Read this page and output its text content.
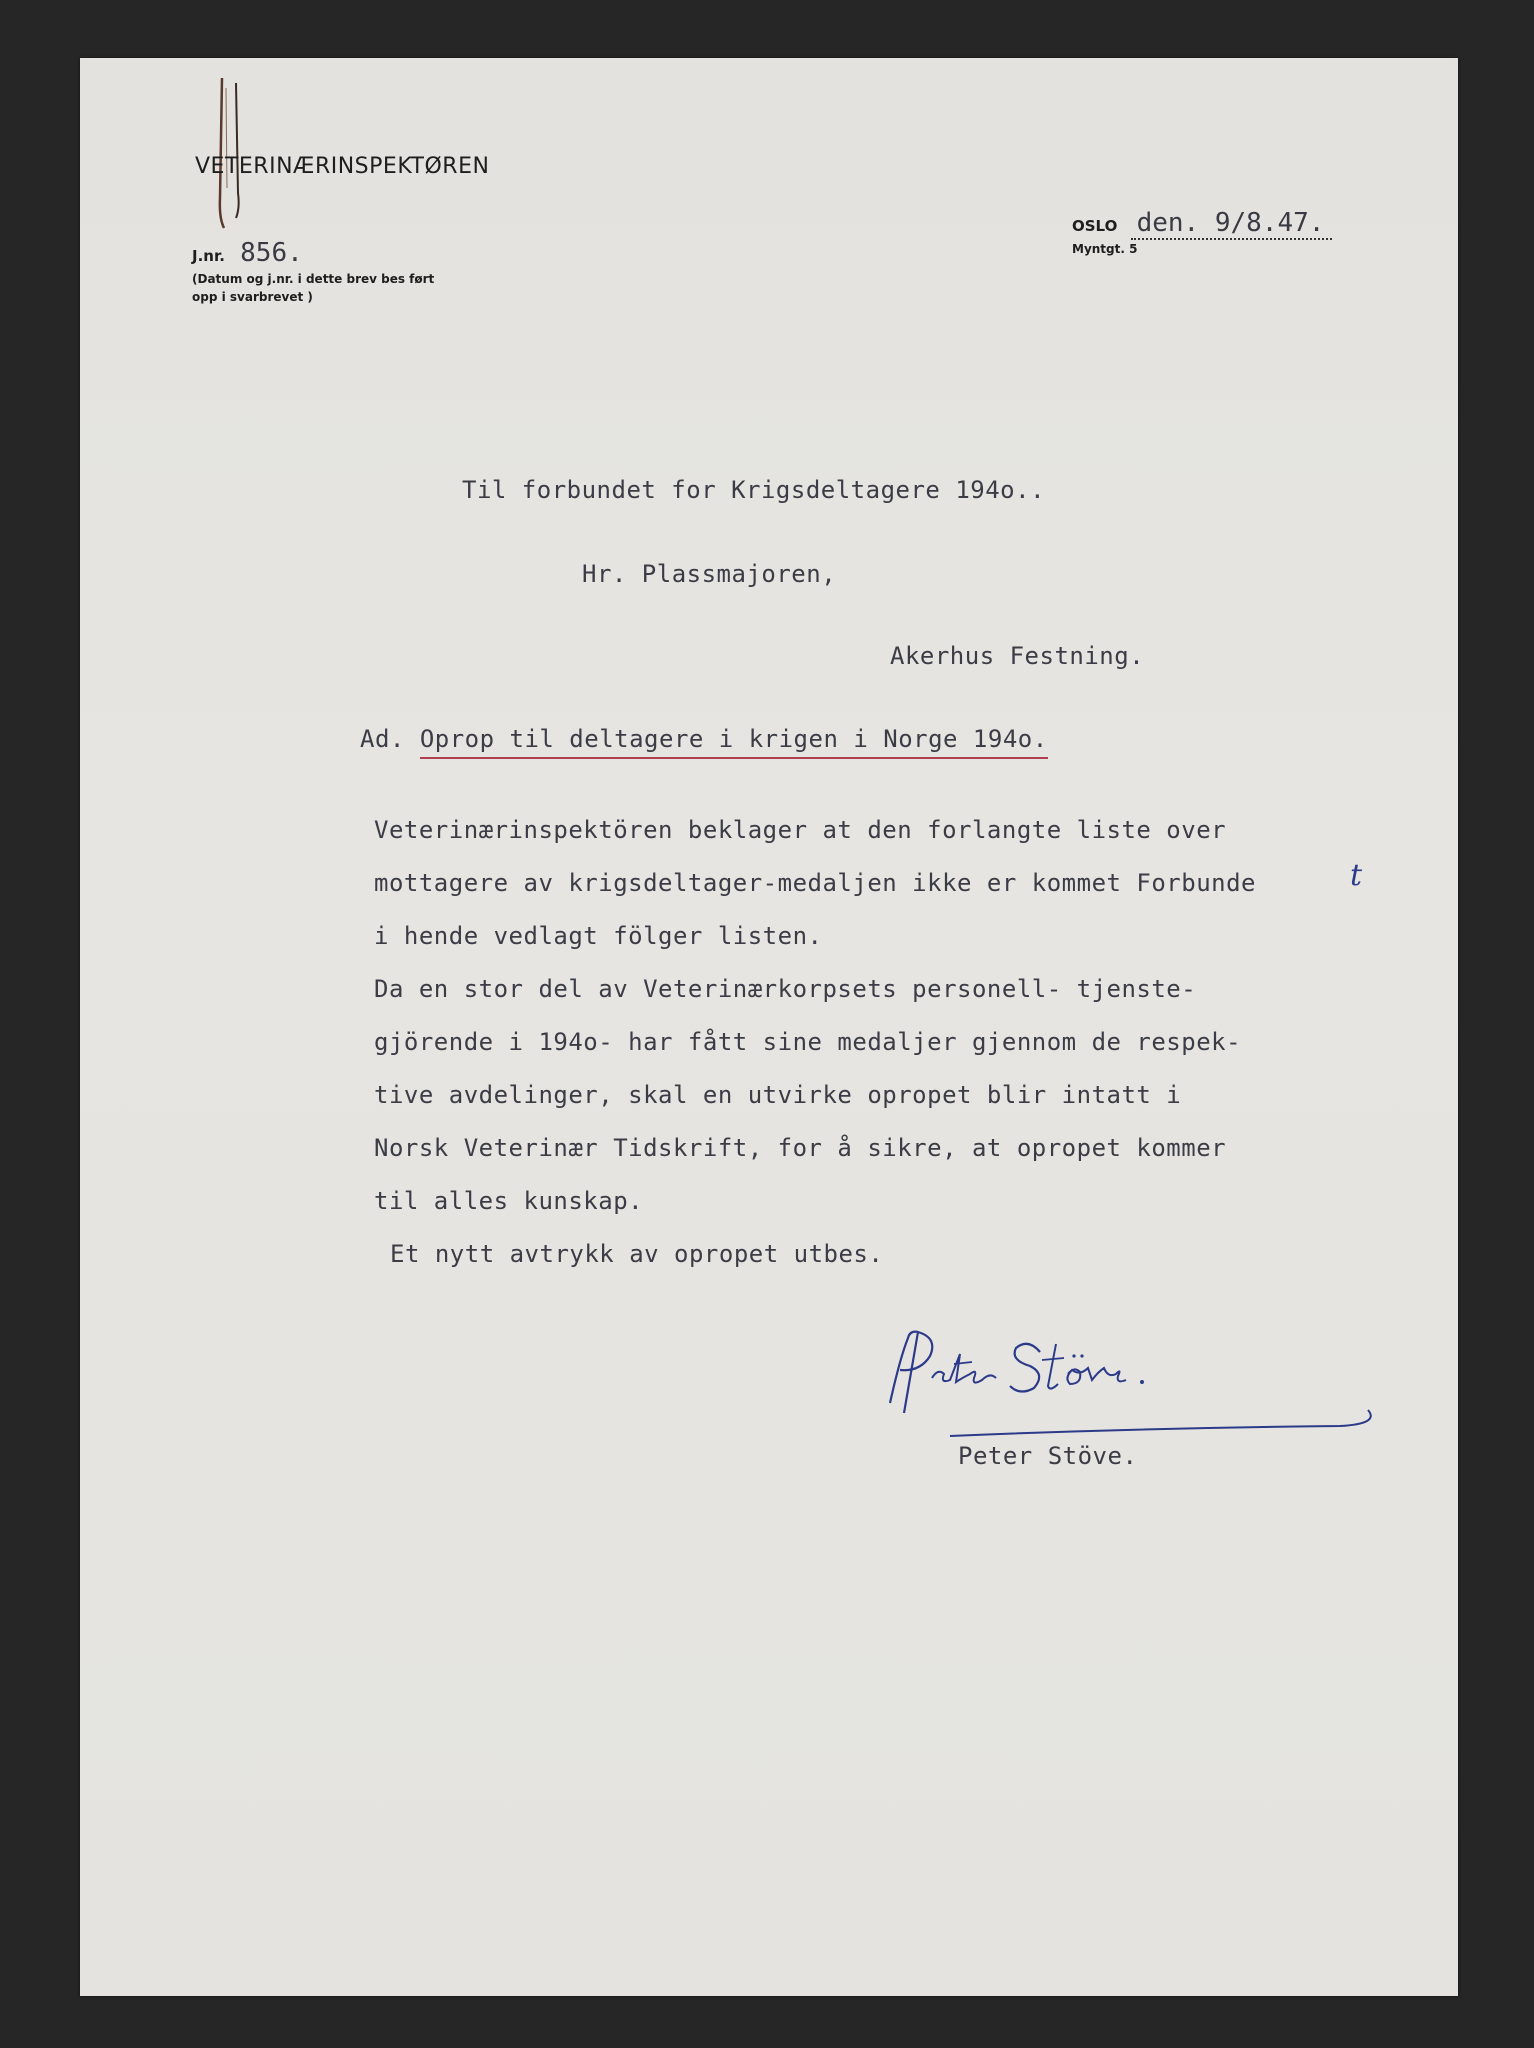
VETERINÆRINSPEKTØREN
J.nr. 856.
(Datum og j.nr. i dette brev bes ført
opp i svarbrevet )
OSLO den. 9/8.47.
Myntgt. 5
Til forbundet for Krigsdeltagere 194o..
Hr. Plassmajoren,
Akerhus Festning.
Ad. Oprop til deltagere i krigen i Norge 194o.
Veterinærinspektören beklager at den forlangte liste over
mottagere av krigsdeltager-medaljen ikke er kommet Forbunde
i hende vedlagt fölger listen.
Da en stor del av Veterinærkorpsets personell- tjenste-
gjörende i 194o- har fått sine medaljer gjennom de respek-
tive avdelinger, skal en utvirke opropet blir intatt i
Norsk Veterinær Tidskrift, for å sikre, at opropet kommer
til alles kunskap.
Et nytt avtrykk av opropet utbes.
t
Peter Stöve.
